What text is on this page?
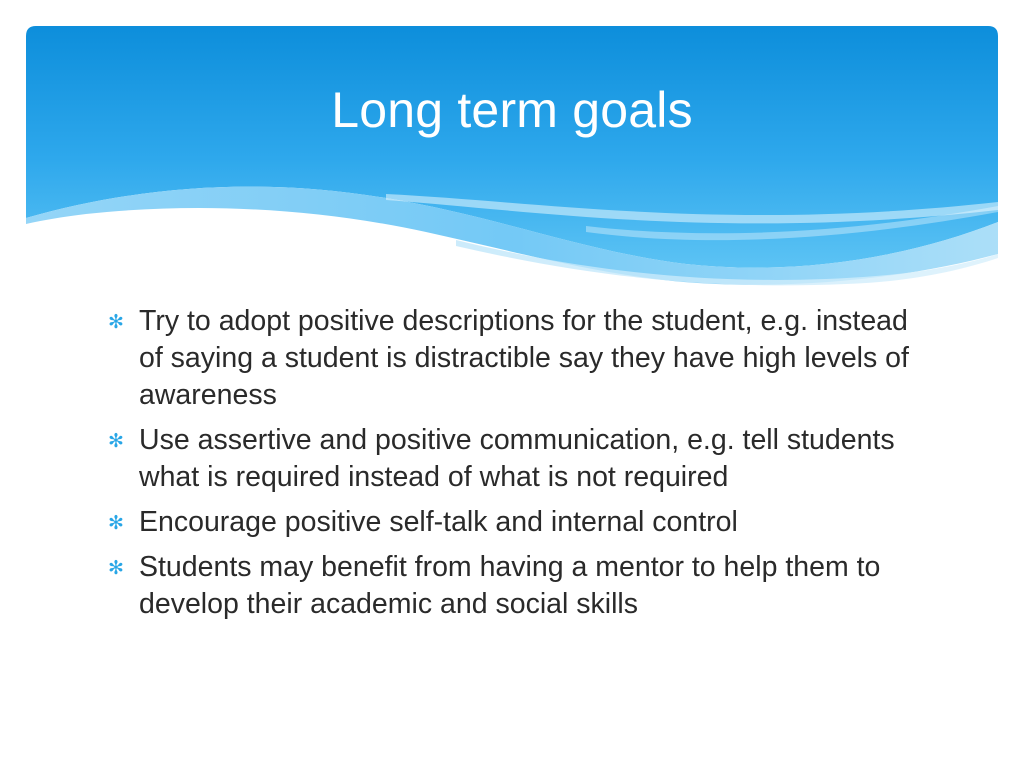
Long term goals
✻ Try to adopt positive descriptions for the student, e.g. instead of saying a student is distractible say they have high levels of awareness
✻ Use assertive and positive communication, e.g. tell students what is required instead of what is not required
✻ Encourage positive self-talk and internal control
✻ Students may benefit from having a mentor to help them to develop their academic and social skills
